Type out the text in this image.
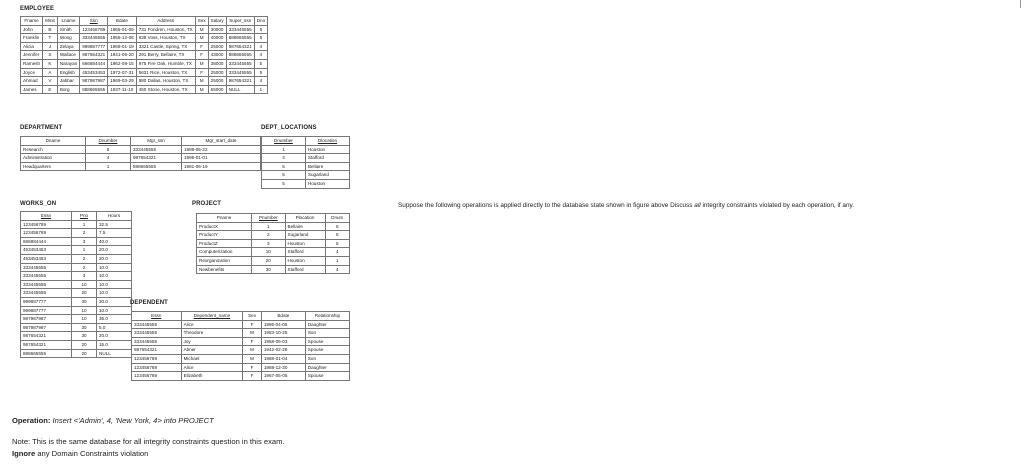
EMPLOYEE
Fname	Minit	Lname	Ssn	Bdate	Address	Sex	Salary	Super_ssn	Dno
John	B	Smith	123456789	1965-01-09	731 Fondren, Houston, TX	M	30000	333445555	5
Franklin	T	Wong	333445555	1955-12-08	638 Voss, Houston, TX	M	40000	888665555	5
Alicia	J	Zelaya	999887777	1968-01-19	3321 Castle, Spring, TX	F	25000	987654321	4
Jennifer	S	Wallace	987654321	1941-06-20	291 Berry, Bellaire, TX	F	43000	888665555	4
Ramesh	K	Narayan	666884444	1962-09-15	975 Fire Oak, Humble, TX	M	38000	333445555	5
Joyce	A	English	453453453	1972-07-31	5631 Rice, Houston, TX	F	25000	333445555	5
Ahmad	V	Jabbar	987987987	1969-03-29	980 Dallas, Houston, TX	M	25000	987654321	4
James	E	Borg	888665555	1937-11-10	450 Stone, Houston, TX	M	55000	NULL	1
DEPARTMENT
Dname	Dnumber	Mgr_ssn	Mgr_start_date
Research	5	333445555	1988-05-22
Administration	4	987654321	1995-01-01
Headquarters	1	888665555	1981-06-19
DEPT_LOCATIONS
Dnumber	Dlocation
1	Houston
4	Stafford
5	Bellaire
5	Sugarland
5	Houston
WORKS_ON
Essn	Pno	Hours
123456789	1	32.5
123456789	2	7.5
666884444	3	40.0
453453453	1	20.0
453453453	2	20.0
333445555	2	10.0
333445555	3	10.0
333445555	10	10.0
333445555	20	10.0
999887777	30	30.0
999887777	10	10.0
987987987	10	35.0
987987987	30	5.0
987654321	30	20.0
987654321	20	15.0
888665555	20	NULL
PROJECT
Pname	Pnumber	Plocation	Dnum
ProductX	1	Bellaire	5
ProductY	2	Sugarland	5
ProductZ	3	Houston	5
Computerization	10	Stafford	4
Reorganization	20	Houston	1
Newbenefits	30	Stafford	4
DEPENDENT
Essn	Dependent_name	Sex	Bdate	Relationship
333445555	Alice	F	1986-04-05	Daughter
333445555	Theodore	M	1983-10-25	Son
333445555	Joy	F	1958-05-03	Spouse
987654321	Abner	M	1942-02-28	Spouse
123456789	Michael	M	1988-01-04	Son
123456789	Alice	F	1988-12-30	Daughter
123456789	Elizabeth	F	1967-05-05	Spouse
Suppose the following operations is applied directly to the database state shown in figure above Discuss all integrity constraints violated by each operation, if any.
Operation: Insert <'Admin', 4, 'New York, 4> into PROJECT
Note: This is the same database for all integrity constraints question in this exam.
Ignore any Domain Constraints violation
